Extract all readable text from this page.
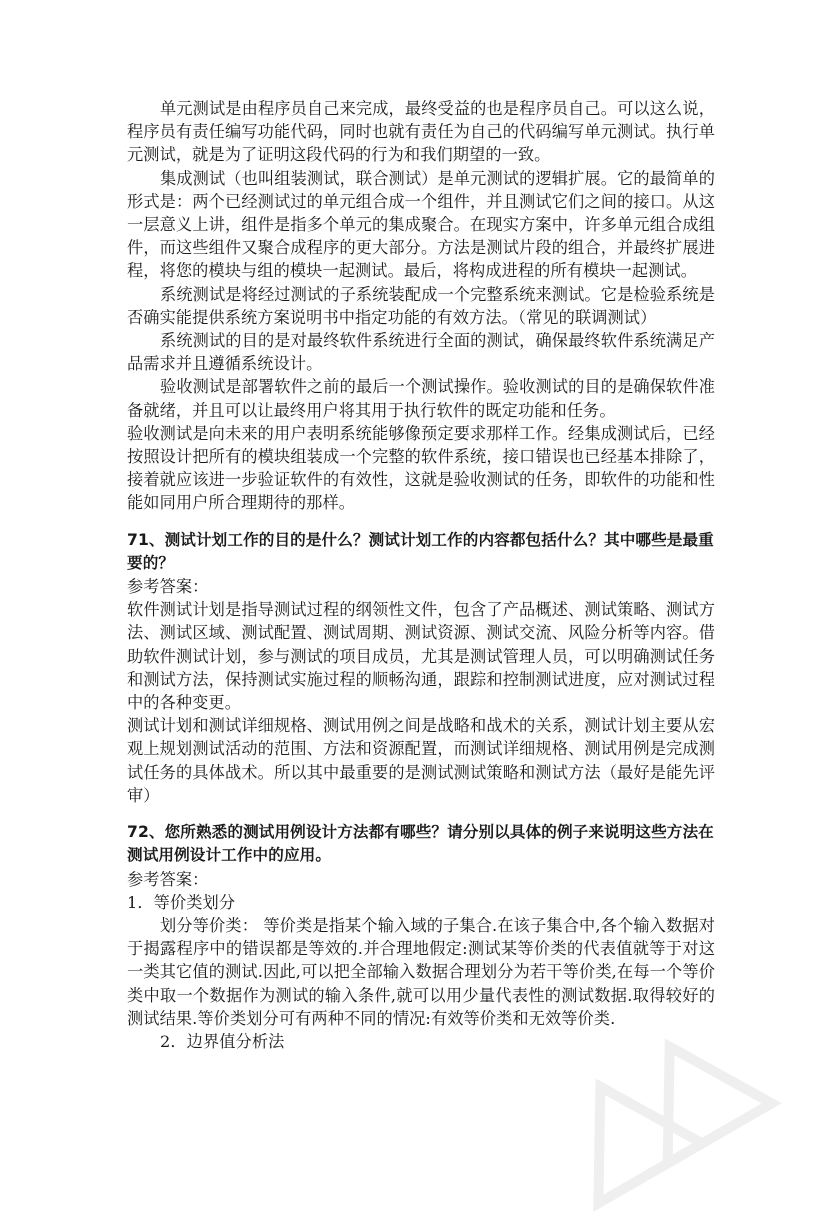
单元测试是由程序员自己来完成，最终受益的也是程序员自己。可以这么说，程序员有责任编写功能代码，同时也就有责任为自己的代码编写单元测试。执行单元测试，就是为了证明这段代码的行为和我们期望的一致。

集成测试（也叫组装测试，联合测试）是单元测试的逻辑扩展。它的最简单的形式是：两个已经测试过的单元组合成一个组件，并且测试它们之间的接口。从这一层意义上讲，组件是指多个单元的集成聚合。在现实方案中，许多单元组合成组件，而这些组件又聚合成程序的更大部分。方法是测试片段的组合，并最终扩展进程，将您的模块与组的模块一起测试。最后，将构成进程的所有模块一起测试。

系统测试是将经过测试的子系统装配成一个完整系统来测试。它是检验系统是否确实能提供系统方案说明书中指定功能的有效方法。（常见的联调测试）

系统测试的目的是对最终软件系统进行全面的测试，确保最终软件系统满足产品需求并且遵循系统设计。

验收测试是部署软件之前的最后一个测试操作。验收测试的目的是确保软件准备就绪，并且可以让最终用户将其用于执行软件的既定功能和任务。

验收测试是向未来的用户表明系统能够像预定要求那样工作。经集成测试后，已经按照设计把所有的模块组装成一个完整的软件系统，接口错误也已经基本排除了，接着就应该进一步验证软件的有效性，这就是验收测试的任务，即软件的功能和性能如同用户所合理期待的那样。

71、测试计划工作的目的是什么？测试计划工作的内容都包括什么？其中哪些是最重要的？

参考答案：

软件测试计划是指导测试过程的纲领性文件，包含了产品概述、测试策略、测试方法、测试区域、测试配置、测试周期、测试资源、测试交流、风险分析等内容。借助软件测试计划，参与测试的项目成员，尤其是测试管理人员，可以明确测试任务和测试方法，保持测试实施过程的顺畅沟通，跟踪和控制测试进度，应对测试过程中的各种变更。

测试计划和测试详细规格、测试用例之间是战略和战术的关系，测试计划主要从宏观上规划测试活动的范围、方法和资源配置，而测试详细规格、测试用例是完成测试任务的具体战术。所以其中最重要的是测试测试策略和测试方法（最好是能先评审）

72、您所熟悉的测试用例设计方法都有哪些？请分别以具体的例子来说明这些方法在测试用例设计工作中的应用。

参考答案：

1．等价类划分

划分等价类： 等价类是指某个输入域的子集合.在该子集合中,各个输入数据对于揭露程序中的错误都是等效的.并合理地假定:测试某等价类的代表值就等于对这一类其它值的测试.因此,可以把全部输入数据合理划分为若干等价类,在每一个等价类中取一个数据作为测试的输入条件,就可以用少量代表性的测试数据.取得较好的测试结果.等价类划分可有两种不同的情况:有效等价类和无效等价类.

2．边界值分析法
